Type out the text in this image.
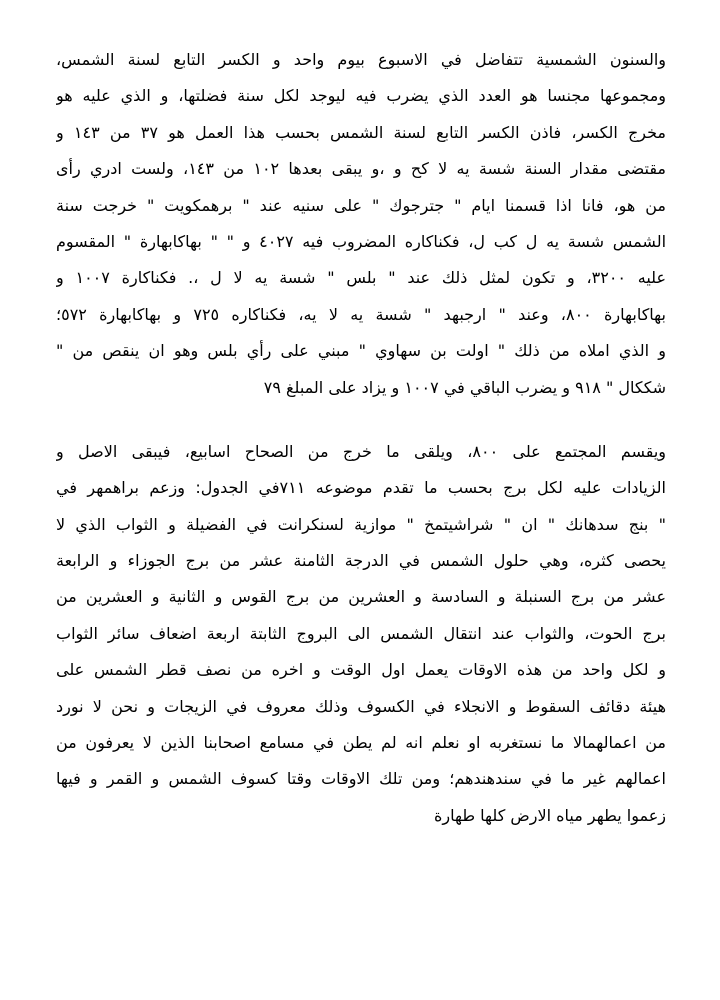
والسنون الشمسية تتفاضل في الاسبوع بيوم واحد و الكسر التابع لسنة الشمس،
ومجموعها مجنسا هو العدد الذي يضرب فيه ليوجد لكل سنة فضلتها، و الذي عليه هو
مخرج الكسر، فاذن الكسر التابع لسنة الشمس بحسب هذا العمل هو ٣٧ من ١٤٣ و
مقتضى مقدار السنة شسة يه لا كح و ،و يبقى بعدها ١٠٢ من ١٤٣، ولست ادري رأى
من هو، فانا اذا قسمنا ايام " جترجوك " على سنيه عند " برهمكويت " خرجت سنة
الشمس شسة يه ل كب ل، فكناكاره المضروب فيه ٤٠٢٧ و " " بهاكابهارة " المقسوم
عليه ٣٢٠٠، و تكون لمثل ذلك عند " بلس " شسة يه لا ل ،. فكناكارة ١٠٠٧ و
بهاكابهارة ٨٠٠، وعند " ارجبهد " شسة يه لا يه، فكناكاره ٧٢٥ و بهاكابهارة ٥٧٢؛
و الذي املاه من ذلك " اولت بن سهاوي " مبني على رأي بلس وهو ان ينقص من "
شككال " ٩١٨ و يضرب الباقي في ١٠٠٧ و يزاد على المبلغ ٧٩
ويقسم المجتمع على ٨٠٠، ويلقى ما خرج من الصحاح اسابيع، فيبقى الاصل و
الزيادات عليه لكل برج بحسب ما تقدم موضوعه ٧١١في الجدول: وزعم براهمهر في
" بنج سدهانك " ان " شراشيتمخ " موازية لسنكرانت في الفضيلة و الثواب الذي لا
يحصى كثره، وهي حلول الشمس في الدرجة الثامنة عشر من برج الجوزاء و الرابعة
عشر من برج السنبلة و السادسة و العشرين من برج القوس و الثانية و العشرين من
برج الحوت، والثواب عند انتقال الشمس الى البروج الثابتة اربعة اضعاف سائر الثواب
و لكل واحد من هذه الاوقات يعمل اول الوقت و اخره من نصف قطر الشمس على
هيئة دقائف السقوط و الانجلاء في الكسوف وذلك معروف في الزيجات و نحن لا نورد
من اعمالهمالا ما نستغربه او نعلم انه لم يطن في مسامع اصحابنا الذين لا يعرفون من
اعمالهم غير ما في سندهندهم؛ ومن تلك الاوقات وقتا كسوف الشمس و القمر و فيها
زعموا يطهر مياه الارض كلها طهارة
